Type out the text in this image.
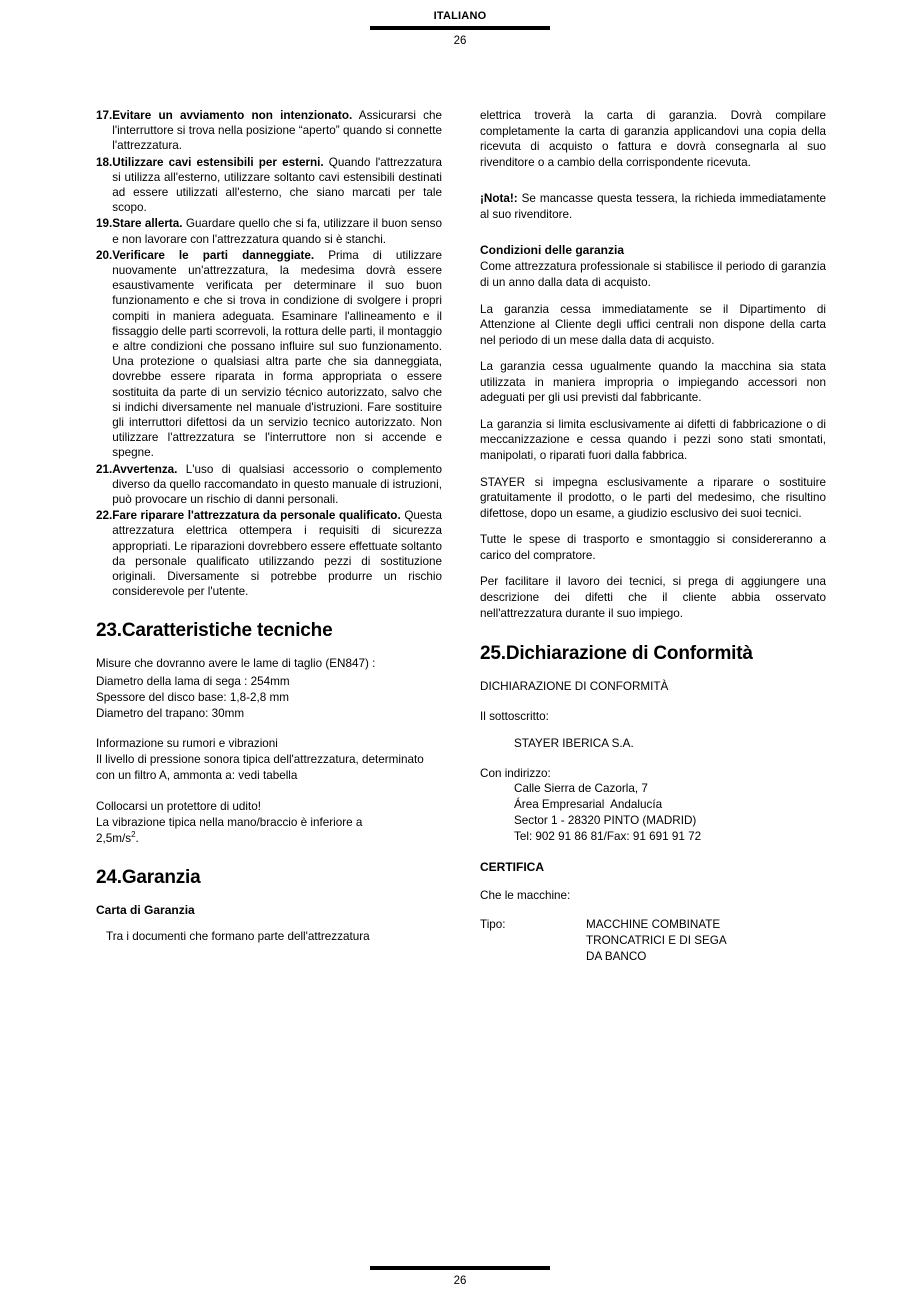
ITALIANO
26
17. Evitare un avviamento non intenzionato. Assicurarsi che l'interruttore si trova nella posizione “aperto” quando si connette l'attrezzatura.
18. Utilizzare cavi estensibili per esterni. Quando l'attrezzatura si utilizza all'esterno, utilizzare soltanto cavi estensibili destinati ad essere utilizzati all'esterno, che siano marcati per tale scopo.
19. Stare allerta. Guardare quello che si fa, utilizzare il buon senso e non lavorare con l'attrezzatura quando si è stanchi.
20. Verificare le parti danneggiate. Prima di utilizzare nuovamente un'attrezzatura, la medesima dovrà essere esaustivamente verificata per determinare il suo buon funzionamento e che si trova in condizione di svolgere i propri compiti in maniera adeguata. Esaminare l'allineamento e il fissaggio delle parti scorrevoli, la rottura delle parti, il montaggio e altre condizioni che possano influire sul suo funzionamento. Una protezione o qualsiasi altra parte che sia danneggiata, dovrebbe essere riparata in forma appropriata o essere sostituita da parte di un servizio técnico autorizzato, salvo che si indichi diversamente nel manuale d'istruzioni. Fare sostituire gli interruttori difettosi da un servizio tecnico autorizzato. Non utilizzare l'attrezzatura se l'interruttore non si accende e spegne.
21. Avvertenza. L'uso di qualsiasi accessorio o complemento diverso da quello raccomandato in questo manuale di istruzioni, può provocare un rischio di danni personali.
22. Fare riparare l'attrezzatura da personale qualificato. Questa attrezzatura elettrica ottempera i requisiti di sicurezza appropriati. Le riparazioni dovrebbero essere effettuate soltanto da personale qualificato utilizzando pezzi di sostituzione originali. Diversamente si potrebbe produrre un rischio considerevole per l'utente.
23.Caratteristiche tecniche

Misure che dovranno avere le lame di taglio (EN847) :

Diametro della lama di sega : 254mm
Spessore del disco base: 1,8-2,8 mm
Diametro del trapano: 30mm
Informazione su rumori e vibrazioni
Il livello di pressione sonora tipica dell'attrezzatura, determinato con un filtro A, ammonta a: vedi tabella
Collocarsi un protettore di udito!
La vibrazione tipica nella mano/braccio è inferiore a
$2,5m/s^2$.
24.Garanzia
Carta di Garanzia

Tra i documenti che formano parte dell'attrezzatura

elettrica troverà la carta di garanzia. Dovrà compilare completamente la carta di garanzia applicandovi una copia della ricevuta di acquisto o fattura e dovrà consegnarla al suo rivenditore o a cambio della corrispondente ricevuta.

¡Nota!: Se mancasse questa tessera, la richieda immediatamente al suo rivenditore.

Condizioni delle garanzia

Come attrezzatura professionale si stabilisce il periodo di garanzia di un anno dalla data di acquisto.

La garanzia cessa immediatamente se il Dipartimento di Attenzione al Cliente degli uffici centrali non dispone della carta nel periodo di un mese dalla data di acquisto.

La garanzia cessa ugualmente quando la macchina sia stata utilizzata in maniera impropria o impiegando accessori non adeguati per gli usi previsti dal fabbricante.

La garanzia si limita esclusivamente ai difetti di fabbricazione o di meccanizzazione e cessa quando i pezzi sono stati smontati, manipolati, o riparati fuori dalla fabbrica.

STAYER si impegna esclusivamente a riparare o sostituire gratuitamente il prodotto, o le parti del medesimo, che risultino difettose, dopo un esame, a giudizio esclusivo dei suoi tecnici.

Tutte le spese di trasporto e smontaggio si considereranno a carico del compratore.

Per facilitare il lavoro dei tecnici, si prega di aggiungere una descrizione dei difetti che il cliente abbia osservato nell'attrezzatura durante il suo impiego.

25.Dichiarazione di Conformità

DICHIARAZIONE DI CONFORMITÀ

Il sottoscritto:

STAYER IBERICA S.A.

Con indirizzo:

Calle Sierra de Cazorla, 7
Área Empresarial  Andalucía
Sector 1 - 28320 PINTO (MADRID)
Tel: 902 91 86 81/Fax: 91 691 91 72
CERTIFICA

Che le macchine:

Tipo:	MACCHINE COMBINATE
TRONCATRICI E DI SEGA
DA BANCO
26
